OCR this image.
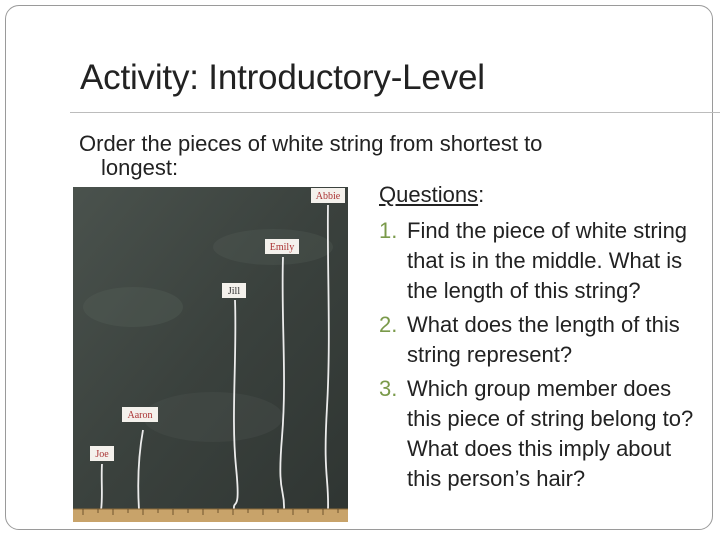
Activity: Introductory-Level

Order the pieces of white string from shortest to
longest:

Abbie
Emily
Jill
Aaron
Joe
Questions:
1. Find the piece of white string that is in the middle. What is the length of this string?
2. What does the length of this string represent?
3. Which group member does this piece of string belong to? What does this imply about this person’s hair?
